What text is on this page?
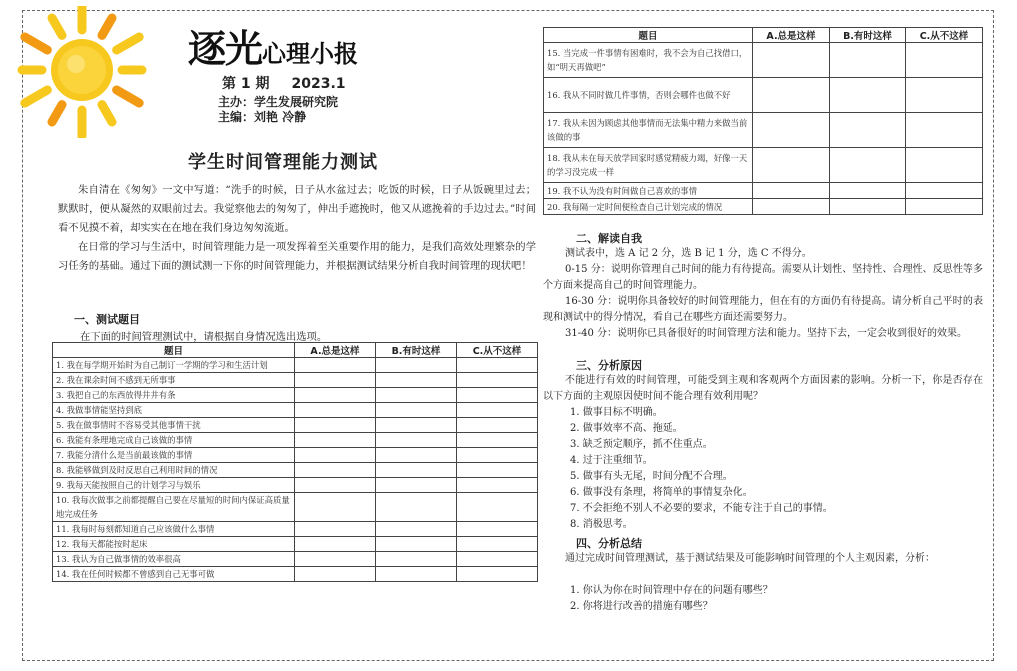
逐光心理小报
第 1 期 2023.1
主办：学生发展研究院
主编：刘艳 冷静
学生时间管理能力测试

朱自清在《匆匆》一文中写道：“洗手的时候，日子从水盆过去；吃饭的时候，日子从饭碗里过去；默默时，便从凝然的双眼前过去。我觉察他去的匆匆了，伸出手遮挽时，他又从遮挽着的手边过去。”时间看不见摸不着，却实实在在地在我们身边匆匆流逝。

在日常的学习与生活中，时间管理能力是一项发挥着至关重要作用的能力，是我们高效处理繁杂的学习任务的基础。通过下面的测试测一下你的时间管理能力，并根据测试结果分析自我时间管理的现状吧！

一、测试题目
在下面的时间管理测试中，请根据自身情况选出选项。
题目	A.总是这样	B.有时这样	C.从不这样
1. 我在每学期开始时为自己制订一学期的学习和生活计划			
2. 我在课余时间不感到无所事事			
3. 我把自己的东西放得井井有条			
4. 我做事情能坚持到底			
5. 我在做事情时不容易受其他事情干扰			
6. 我能有条理地完成自己该做的事情			
7. 我能分清什么是当前最该做的事情			
8. 我能够做到及时反思自己利用时间的情况			
9. 我每天能按照自己的计划学习与娱乐			
10. 我每次做事之前都提醒自己要在尽量短的时间内保证高质量地完成任务			
11. 我每时每刻都知道自己应该做什么事情			
12. 我每天都能按时起床			
13. 我认为自己做事情的效率很高			
14. 我在任何时候都不曾感到自己无事可做			
题目	A.总是这样	B.有时这样	C.从不这样
15. 当完成一件事情有困难时，我不会为自己找借口，如“明天再做吧”			
16. 我从不同时做几件事情，否则会哪件也做不好			
17. 我从未因为顾虑其他事情而无法集中精力来做当前该做的事			
18. 我从未在每天放学回家时感觉精疲力竭，好像一天的学习没完成一样			
19. 我不认为没有时间做自己喜欢的事情			
20. 我每隔一定时间便检查自己计划完成的情况			
二、解读自我

测试表中，选 A 记 2 分，选 B 记 1 分，选 C 不得分。

0-15 分：说明你管理自己时间的能力有待提高。需要从计划性、坚持性、合理性、反思性等多个方面来提高自己的时间管理能力。

16-30 分：说明你具备较好的时间管理能力，但在有的方面仍有待提高。请分析自己平时的表现和测试中的得分情况，看自己在哪些方面还需要努力。

31-40 分：说明你已具备很好的时间管理方法和能力。坚持下去，一定会收到很好的效果。

三、分析原因

不能进行有效的时间管理，可能受到主观和客观两个方面因素的影响。分析一下，你是否存在以下方面的主观原因使时间不能合理有效利用呢？

1. 做事目标不明确。
2. 做事效率不高、拖延。
3. 缺乏预定顺序，抓不住重点。
4. 过于注重细节。
5. 做事有头无尾，时间分配不合理。
6. 做事没有条理，将简单的事情复杂化。
7. 不会拒绝不别人不必要的要求，不能专注于自己的事情。
8. 消极思考。
四、分析总结

通过完成时间管理测试，基于测试结果及可能影响时间管理的个人主观因素，分析：

1. 你认为你在时间管理中存在的问题有哪些？
2. 你将进行改善的措施有哪些？
